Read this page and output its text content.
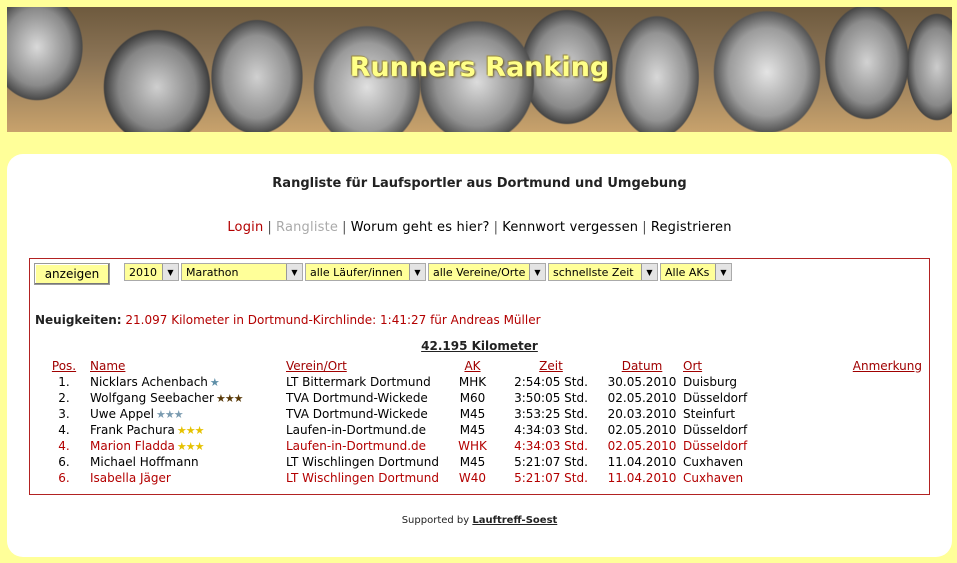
Runners Ranking
Rangliste für Laufsportler aus Dortmund und Umgebung
Login | Rangliste | Worum geht es hier? | Kennwort vergessen | Registrieren
anzeigen	2010	▼	Marathon	▼	alle Läufer/innen	▼	alle Vereine/Orte	▼	schnellste Zeit	▼	Alle AKs	▼
Neuigkeiten: 21.097 Kilometer in Dortmund-Kirchlinde: 1:41:27 für Andreas Müller
42.195 Kilometer
Pos.	Name	Verein/Ort	AK	Zeit	Datum	Ort	Anmerkung
1.	Nicklars Achenbach ★	LT Bittermark Dortmund	MHK	2:54:05 Std.	30.05.2010	Duisburg	
2.	Wolfgang Seebacher ★★★	TVA Dortmund-Wickede	M60	3:50:05 Std.	02.05.2010	Düsseldorf	
3.	Uwe Appel ★★★	TVA Dortmund-Wickede	M45	3:53:25 Std.	20.03.2010	Steinfurt	
4.	Frank Pachura ★★★	Laufen-in-Dortmund.de	M45	4:34:03 Std.	02.05.2010	Düsseldorf	
4.	Marion Fladda ★★★	Laufen-in-Dortmund.de	WHK	4:34:03 Std.	02.05.2010	Düsseldorf	
6.	Michael Hoffmann	LT Wischlingen Dortmund	M45	5:21:07 Std.	11.04.2010	Cuxhaven	
6.	Isabella Jäger	LT Wischlingen Dortmund	W40	5:21:07 Std.	11.04.2010	Cuxhaven	
Supported by Lauftreff-Soest
